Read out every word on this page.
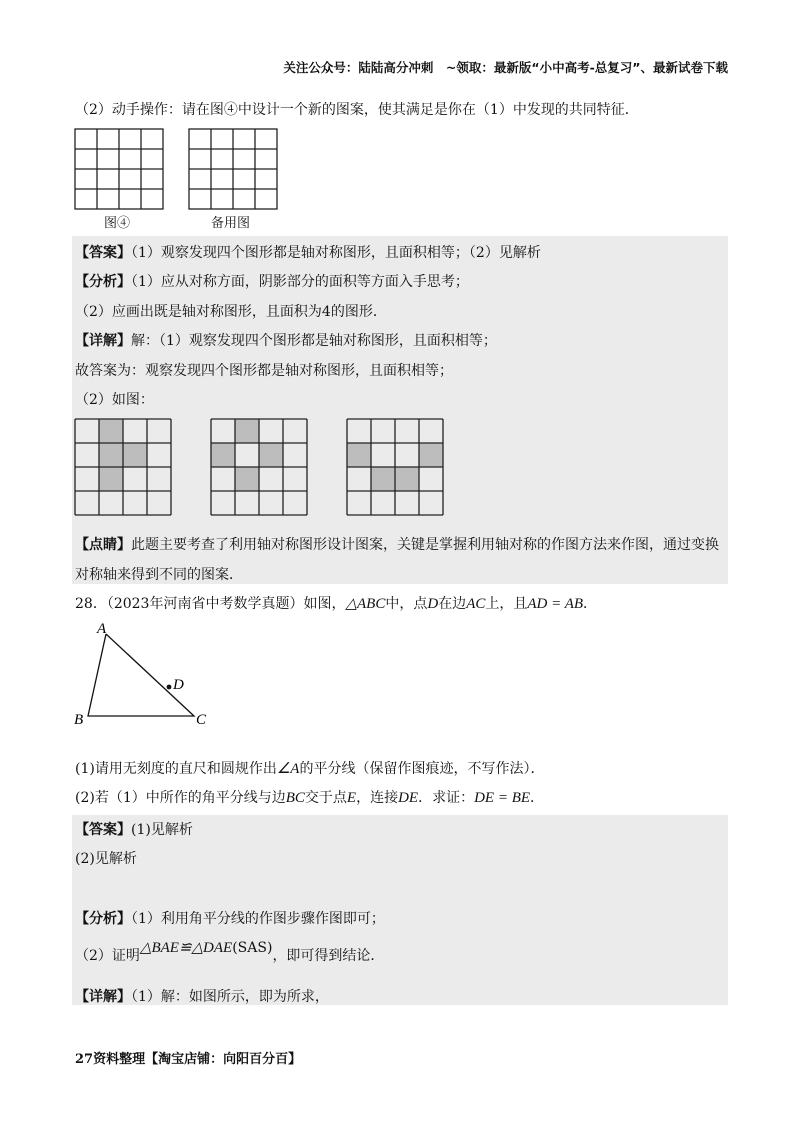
关注公众号：陆陆高分冲刺　~领取：最新版“小中高考-总复习”、最新试卷下载
（2）动手操作：请在图④中设计一个新的图案，使其满足是你在（1）中发现的共同特征．
图④	备用图
【答案】（1）观察发现四个图形都是轴对称图形，且面积相等；（2）见解析
【分析】（1）应从对称方面，阴影部分的面积等方面入手思考；
（2）应画出既是轴对称图形，且面积为4的图形．
【详解】解：（1）观察发现四个图形都是轴对称图形，且面积相等；
故答案为：观察发现四个图形都是轴对称图形，且面积相等；
（2）如图：
【点睛】此题主要考查了利用轴对称图形设计图案，关键是掌握利用轴对称的作图方法来作图，通过变换
对称轴来得到不同的图案．
28．（2023年河南省中考数学真题）如图，△ABC中，点D在边AC上，且AD = AB．
A
B	C
D
(1)请用无刻度的直尺和圆规作出∠A的平分线（保留作图痕迹，不写作法）．
(2)若（1）中所作的角平分线与边BC交于点E，连接DE．求证：DE = BE．
【答案】(1)见解析
(2)见解析
【分析】（1）利用角平分线的作图步骤作图即可；
（2）证明△BAE≌△DAE(SAS)，即可得到结论．
【详解】（1）解：如图所示，即为所求，
27资料整理【淘宝店铺：向阳百分百】
